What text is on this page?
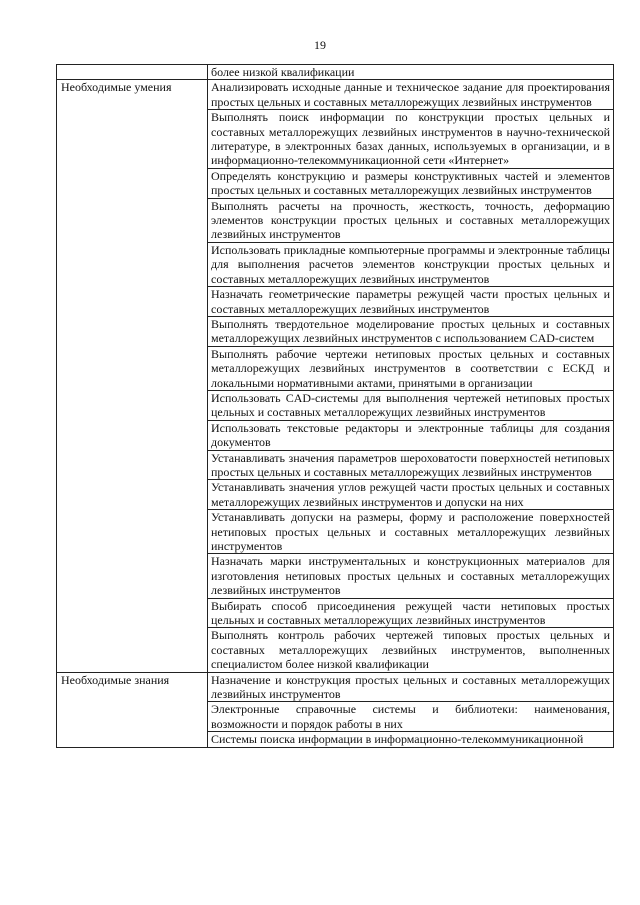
19
	более низкой квалификации
Необходимые умения	Анализировать исходные данные и техническое задание для проектирования простых цельных и составных металлорежущих лезвийных инструментов
	Выполнять поиск информации по конструкции простых цельных и составных металлорежущих лезвийных инструментов в научно-технической литературе, в электронных базах данных, используемых в организации, и в информационно-телекоммуникационной сети «Интернет»
	Определять конструкцию и размеры конструктивных частей и элементов простых цельных и составных металлорежущих лезвийных инструментов
	Выполнять расчеты на прочность, жесткость, точность, деформацию элементов конструкции простых цельных и составных металлорежущих лезвийных инструментов
	Использовать прикладные компьютерные программы и электронные таблицы для выполнения расчетов элементов конструкции простых цельных и составных металлорежущих лезвийных инструментов
	Назначать геометрические параметры режущей части простых цельных и составных металлорежущих лезвийных инструментов
	Выполнять твердотельное моделирование простых цельных и составных металлорежущих лезвийных инструментов с использованием CAD-систем
	Выполнять рабочие чертежи нетиповых простых цельных и составных металлорежущих лезвийных инструментов в соответствии с ЕСКД и локальными нормативными актами, принятыми в организации
	Использовать CAD-системы для выполнения чертежей нетиповых простых цельных и составных металлорежущих лезвийных инструментов
	Использовать текстовые редакторы и электронные таблицы для создания документов
	Устанавливать значения параметров шероховатости поверхностей нетиповых простых цельных и составных металлорежущих лезвийных инструментов
	Устанавливать значения углов режущей части простых цельных и составных металлорежущих лезвийных инструментов и допуски на них
	Устанавливать допуски на размеры, форму и расположение поверхностей нетиповых простых цельных и составных металлорежущих лезвийных инструментов
	Назначать марки инструментальных и конструкционных материалов для изготовления нетиповых простых цельных и составных металлорежущих лезвийных инструментов
	Выбирать способ присоединения режущей части нетиповых простых цельных и составных металлорежущих лезвийных инструментов
	Выполнять контроль рабочих чертежей типовых простых цельных и составных металлорежущих лезвийных инструментов, выполненных специалистом более низкой квалификации
Необходимые знания	Назначение и конструкция простых цельных и составных металлорежущих лезвийных инструментов
	Электронные справочные системы и библиотеки: наименования, возможности и порядок работы в них
	Системы поиска информации в информационно-телекоммуникационной
